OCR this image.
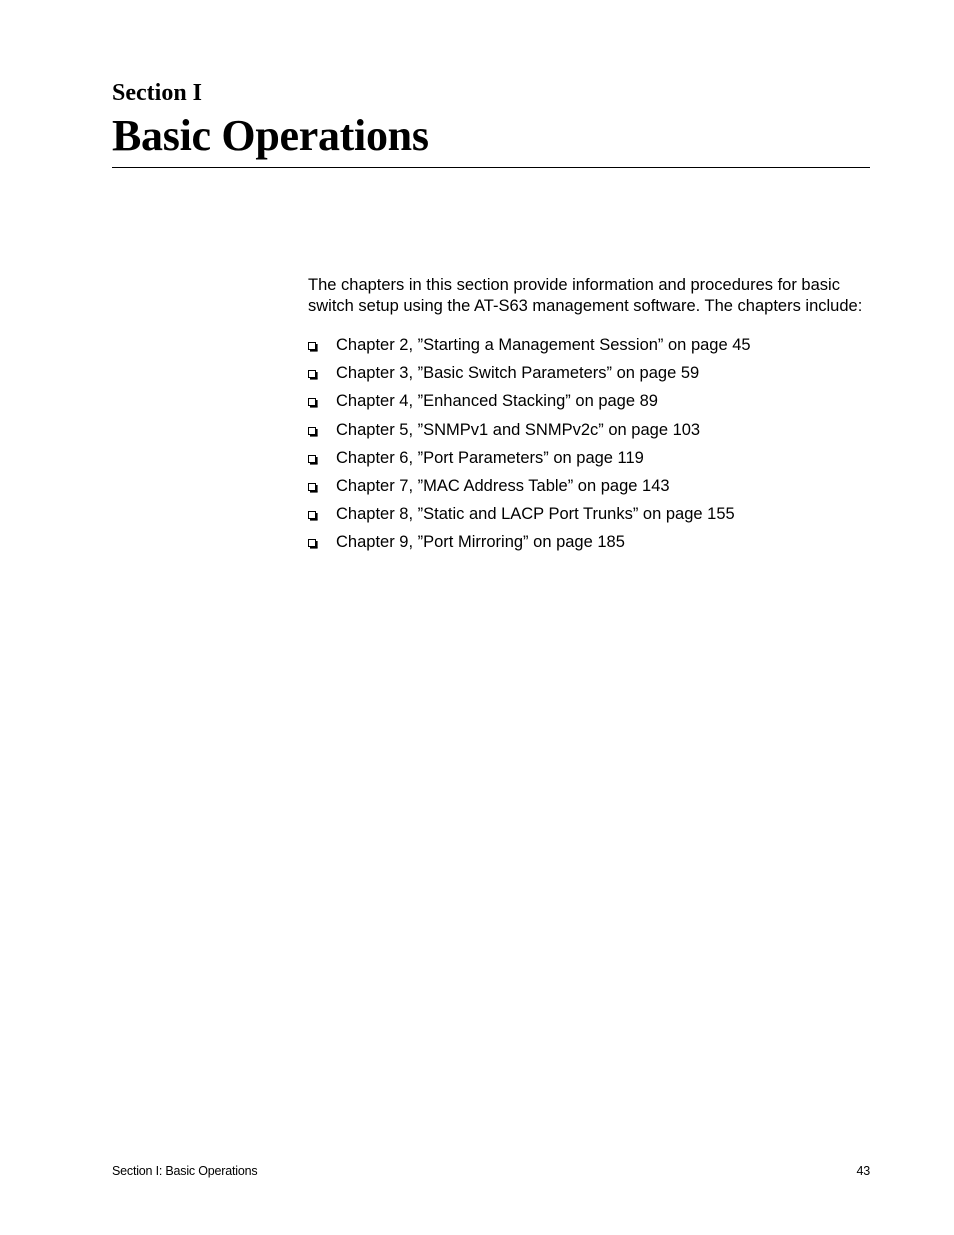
Section I
Basic Operations

The chapters in this section provide information and procedures for basic switch setup using the AT-S63 management software. The chapters include:

Chapter 2, ”Starting a Management Session” on page 45
Chapter 3, ”Basic Switch Parameters” on page 59
Chapter 4, ”Enhanced Stacking” on page 89
Chapter 5, ”SNMPv1 and SNMPv2c” on page 103
Chapter 6, ”Port Parameters” on page 119
Chapter 7, ”MAC Address Table” on page 143
Chapter 8, ”Static and LACP Port Trunks” on page 155
Chapter 9, ”Port Mirroring” on page 185

Section I: Basic Operations	43
